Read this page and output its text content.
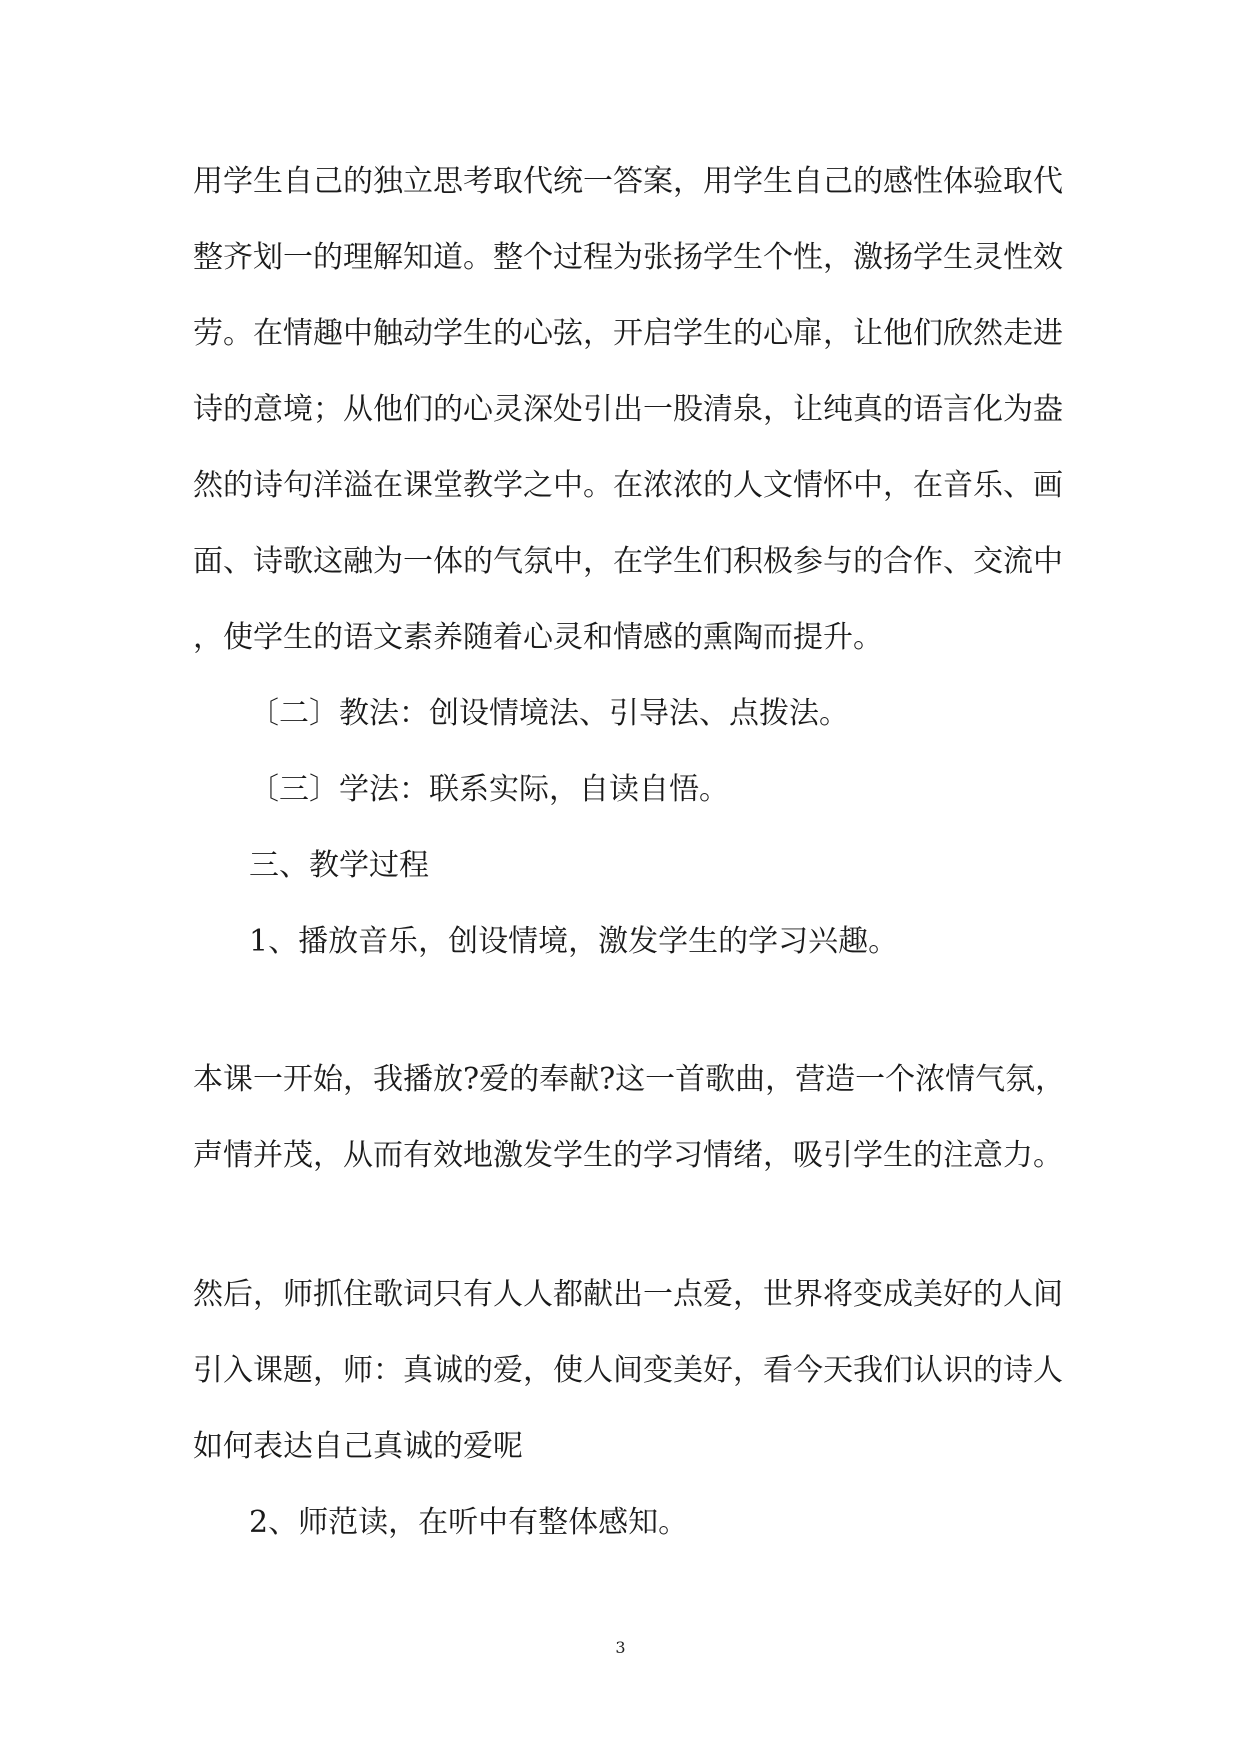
用学生自己的独立思考取代统一答案，用学生自己的感性体验取代
整齐划一的理解知道。整个过程为张扬学生个性，激扬学生灵性效
劳。在情趣中触动学生的心弦，开启学生的心扉，让他们欣然走进
诗的意境；从他们的心灵深处引出一股清泉，让纯真的语言化为盎
然的诗句洋溢在课堂教学之中。在浓浓的人文情怀中，在音乐、画
面、诗歌这融为一体的气氛中，在学生们积极参与的合作、交流中
，使学生的语文素养随着心灵和情感的熏陶而提升。
〔二〕教法：创设情境法、引导法、点拨法。
〔三〕学法：联系实际，自读自悟。
三、教学过程
1、播放音乐，创设情境，激发学生的学习兴趣。
本课一开始，我播放?爱的奉献?这一首歌曲，营造一个浓情气氛，
声情并茂，从而有效地激发学生的学习情绪，吸引学生的注意力。
然后，师抓住歌词只有人人都献出一点爱，世界将变成美好的人间
引入课题，师：真诚的爱，使人间变美好，看今天我们认识的诗人
如何表达自己真诚的爱呢
2、师范读，在听中有整体感知。
3
